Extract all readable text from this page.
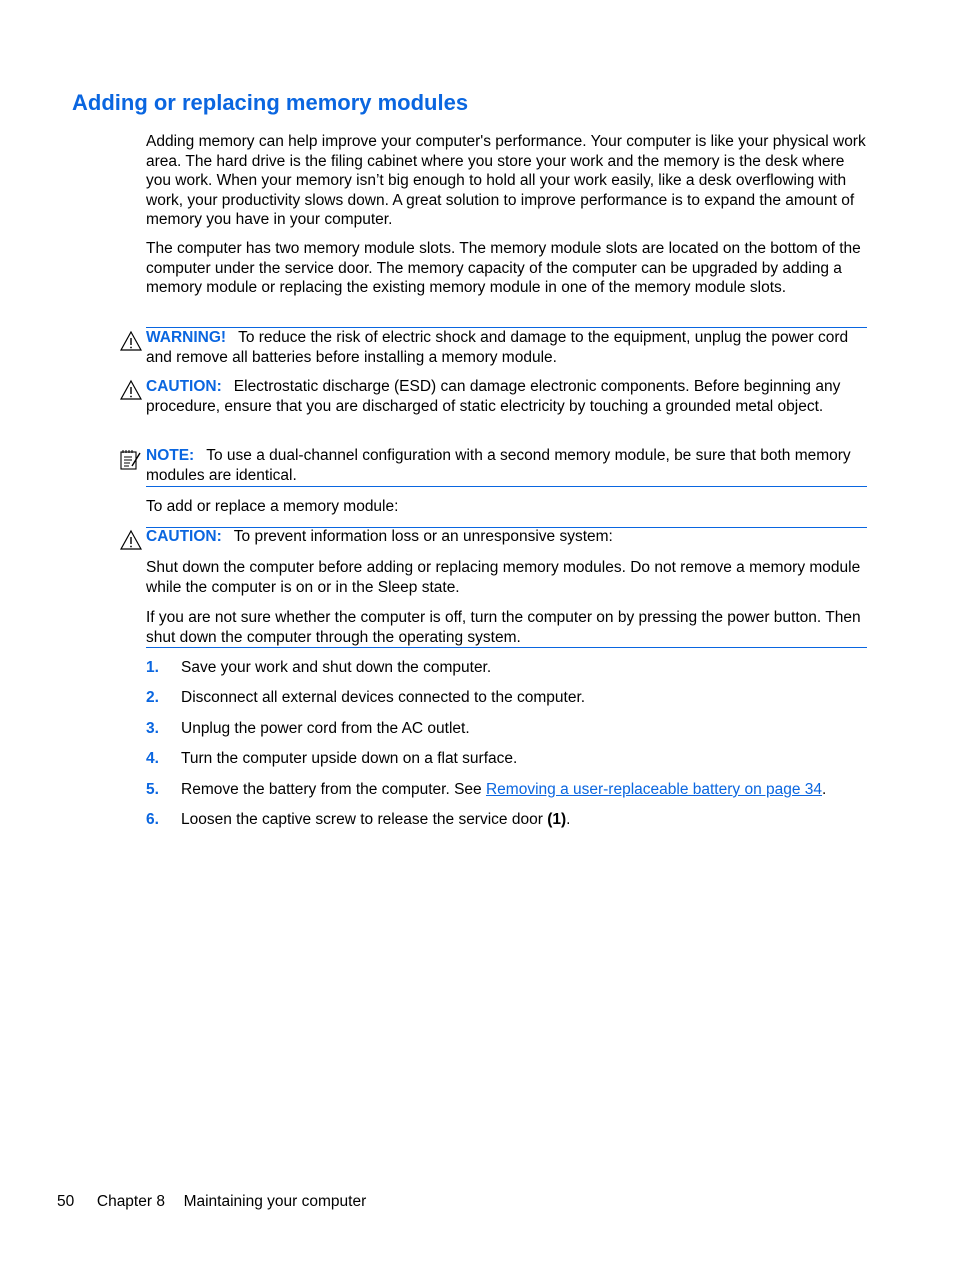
Adding or replacing memory modules

Adding memory can help improve your computer's performance. Your computer is like your physical work area. The hard drive is the filing cabinet where you store your work and the memory is the desk where you work. When your memory isn’t big enough to hold all your work easily, like a desk overflowing with work, your productivity slows down. A great solution to improve performance is to expand the amount of memory you have in your computer.

The computer has two memory module slots. The memory module slots are located on the bottom of the computer under the service door. The memory capacity of the computer can be upgraded by adding a memory module or replacing the existing memory module in one of the memory module slots.

WARNING! To reduce the risk of electric shock and damage to the equipment, unplug the power cord and remove all batteries before installing a memory module.
CAUTION: Electrostatic discharge (ESD) can damage electronic components. Before beginning any procedure, ensure that you are discharged of static electricity by touching a grounded metal object.
NOTE: To use a dual-channel configuration with a second memory module, be sure that both memory modules are identical.

To add or replace a memory module:

CAUTION: To prevent information loss or an unresponsive system:

Shut down the computer before adding or replacing memory modules. Do not remove a memory module while the computer is on or in the Sleep state.

If you are not sure whether the computer is off, turn the computer on by pressing the power button. Then shut down the computer through the operating system.

1. Save your work and shut down the computer.
2. Disconnect all external devices connected to the computer.
3. Unplug the power cord from the AC outlet.
4. Turn the computer upside down on a flat surface.
5. Remove the battery from the computer. See Removing a user-replaceable battery on page 34.
6. Loosen the captive screw to release the service door (1).
50 Chapter 8 Maintaining your computer
